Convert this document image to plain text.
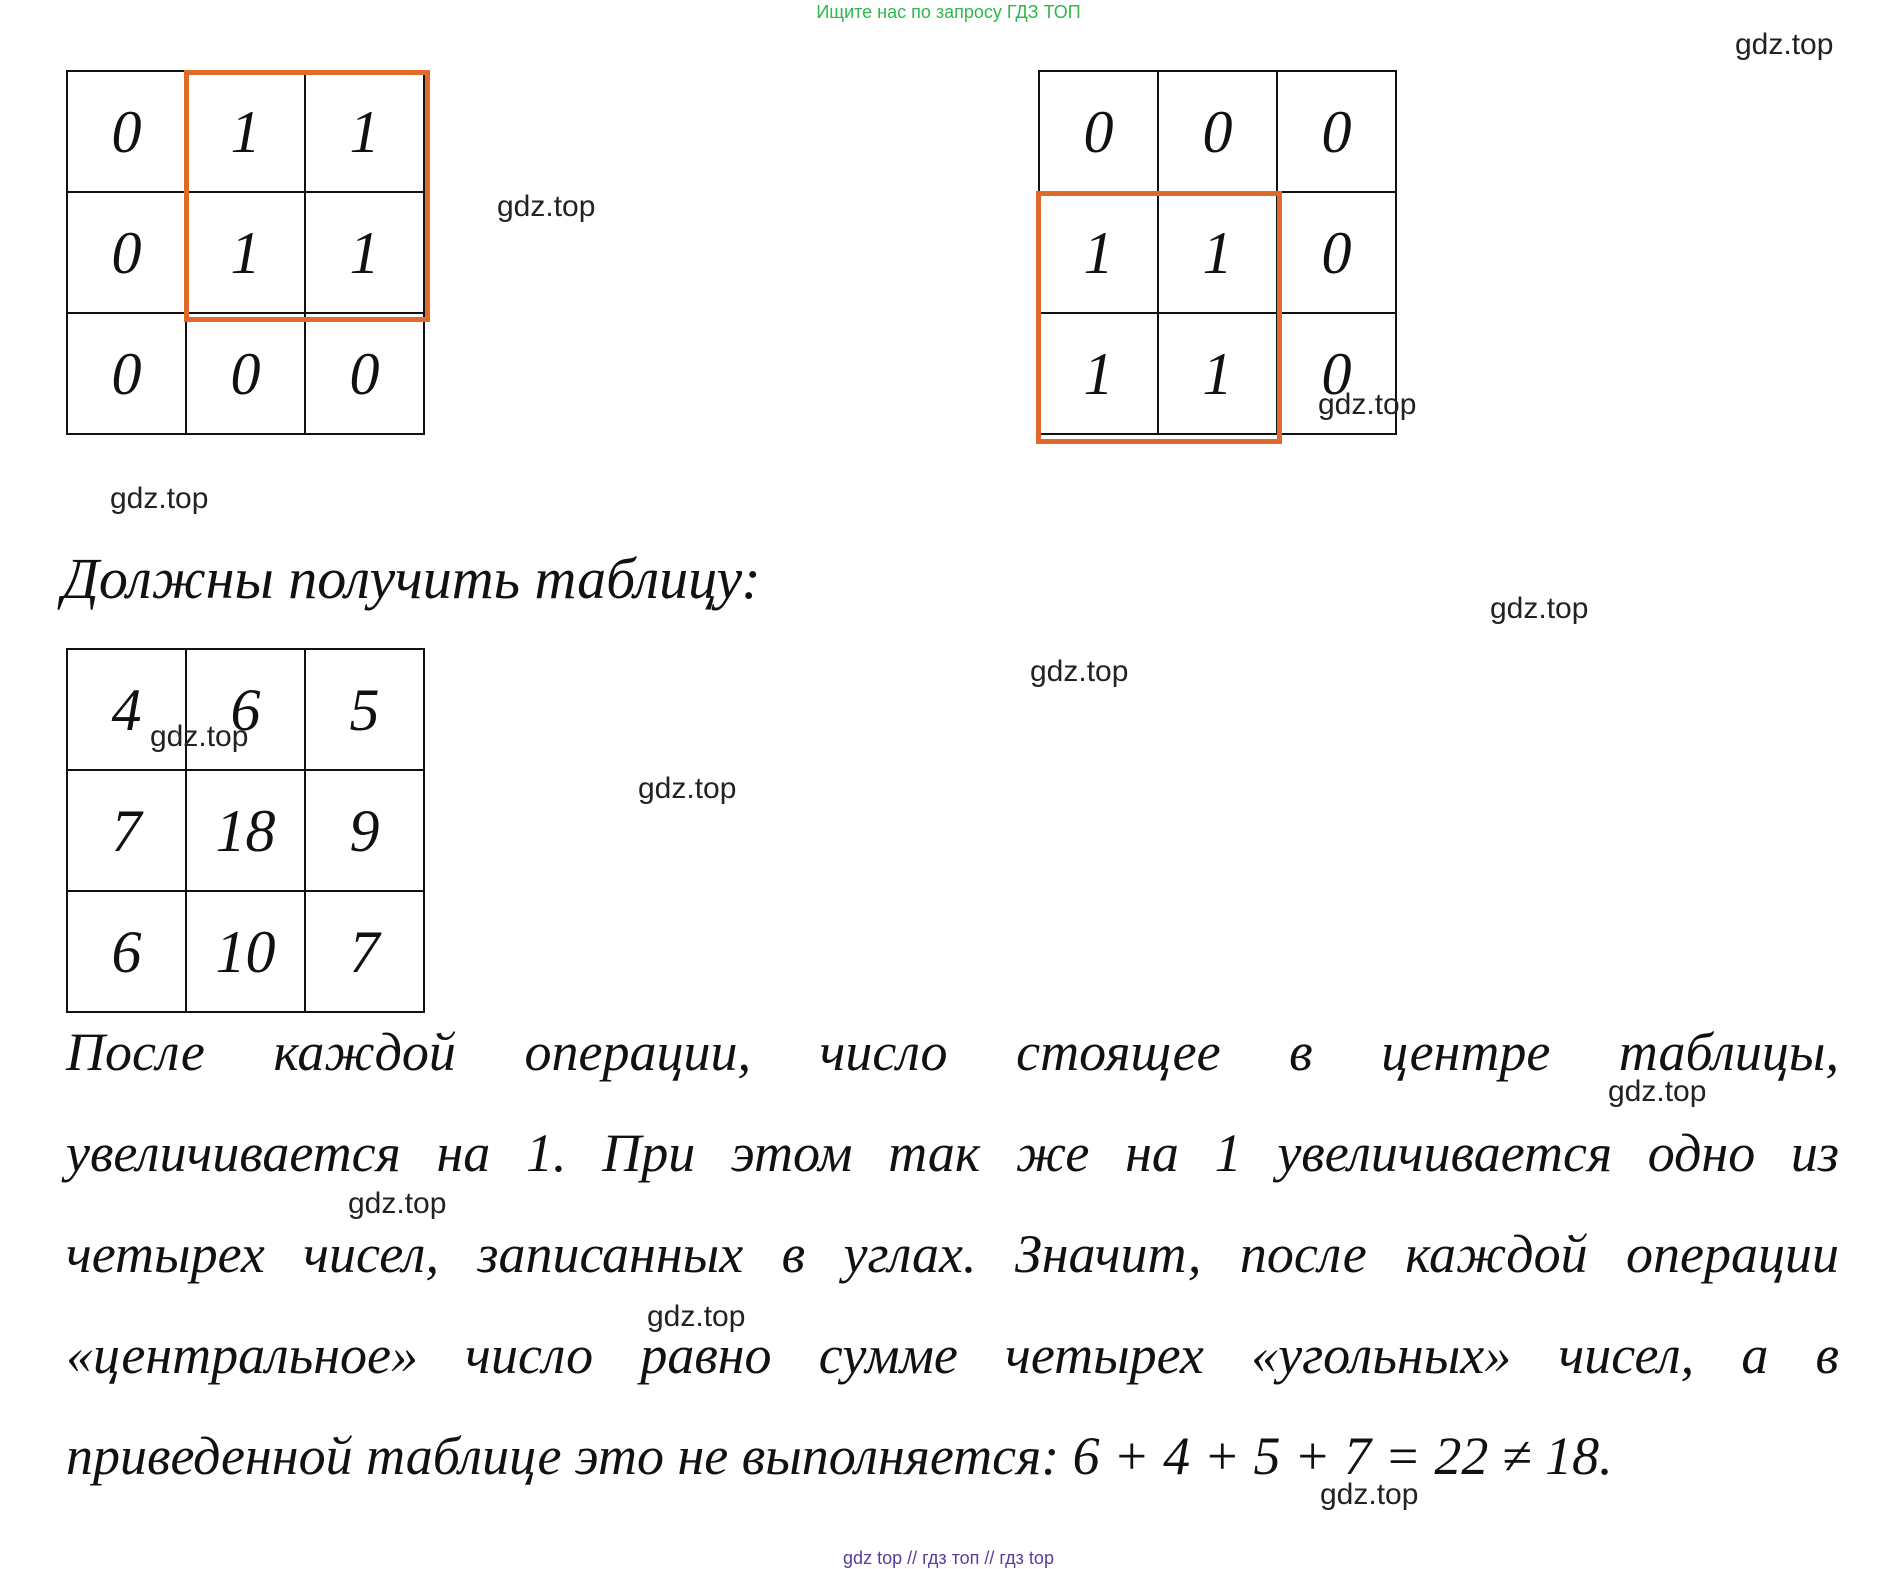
Ищите нас по запросу ГДЗ ТОП
0	1	1
0	1	1
0	0	0
0	0	0
1	1	0
1	1	0
Должны получить таблицу:
4	6	5
7	18	9
6	10	7
После каждой операции, число стоящее в центре таблицы,
увеличивается на 1. При этом так же на 1 увеличивается одно из
четырех чисел, записанных в углах. Значит, после каждой операции
«центральное» число равно сумме четырех «угольных» чисел, а в
приведенной таблице это не выполняется: 6 + 4 + 5 + 7 = 22 ≠ 18.
gdz.top
gdz.top
gdz.top
gdz.top
gdz.top
gdz.top
gdz.top
gdz.top
gdz.top
gdz.top
gdz.top
gdz.top
gdz top // гдз топ // гдз top
